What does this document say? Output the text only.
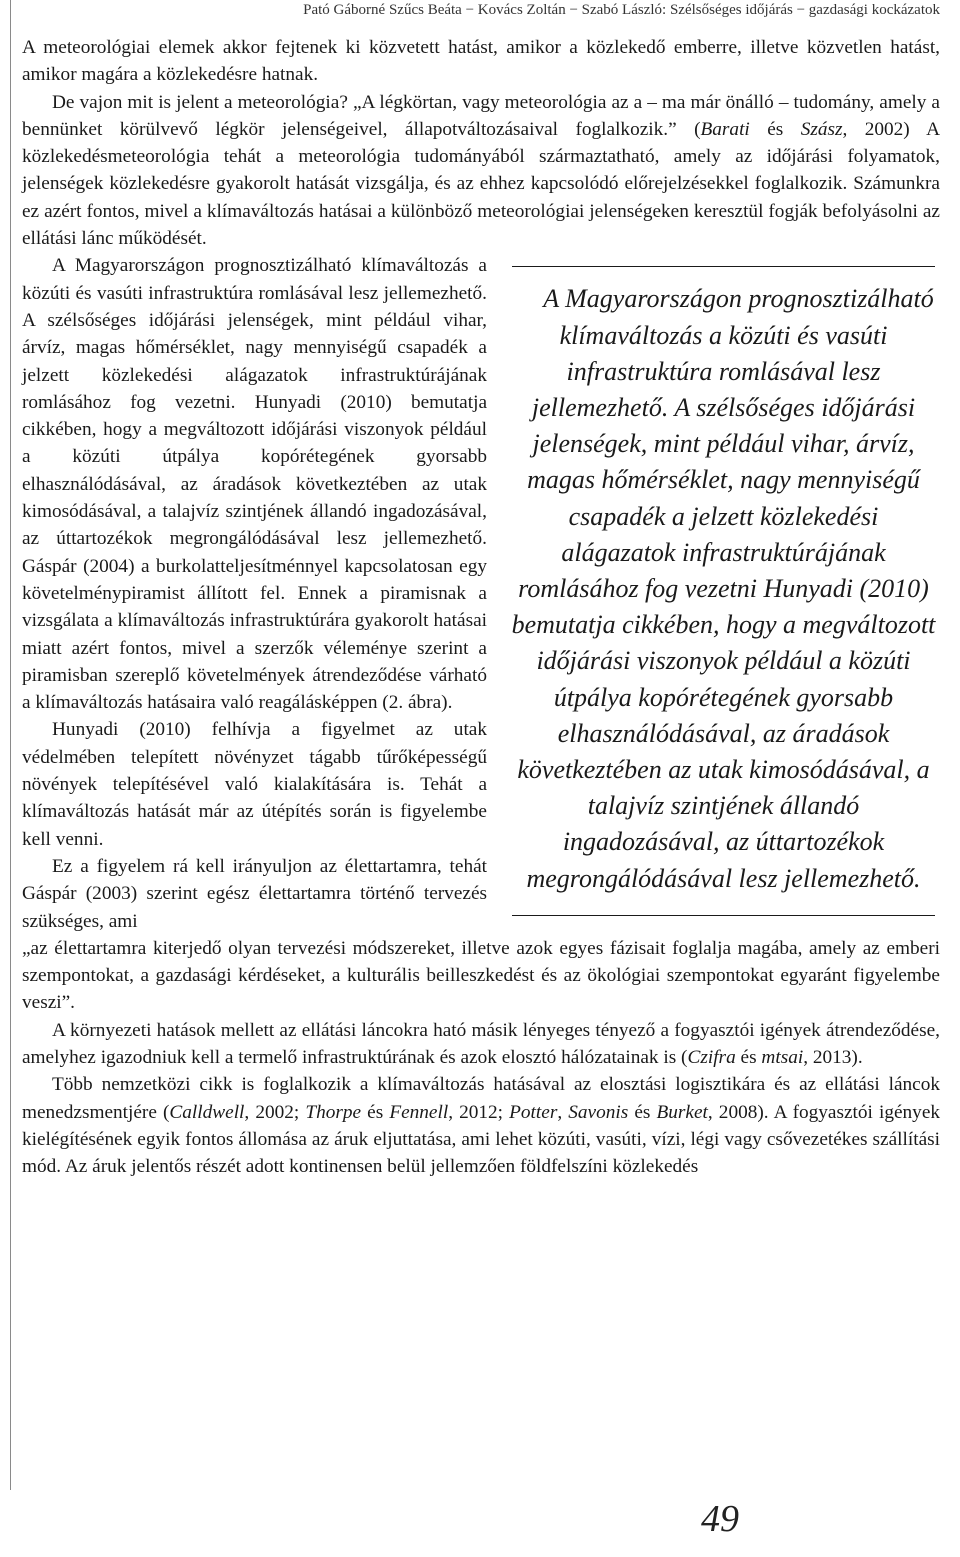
Pató Gáborné Szűcs Beáta − Kovács Zoltán − Szabó László: Szélsőséges időjárás − gazdasági kockázatok

A meteorológiai elemek akkor fejtenek ki közvetett hatást, amikor a közlekedő emberre, illetve közvetlen hatást, amikor magára a közlekedésre hatnak.

De vajon mit is jelent a meteorológia? „A légkörtan, vagy meteorológia az a – ma már önálló – tudomány, amely a bennünket körülvevő légkör jelenségeivel, állapotváltozásaival foglalkozik.” (Barati és Szász, 2002) A közlekedésmeteorológia tehát a meteorológia tudományából származtatható, amely az időjárási folyamatok, jelenségek közlekedésre gyakorolt hatását vizsgálja, és az ehhez kapcsolódó előrejelzésekkel foglalkozik. Számunkra ez azért fontos, mivel a klímaváltozás hatásai a különböző meteorológiai jelenségeken keresztül fogják befolyásolni az ellátási lánc működését.

A Magyarországon prognosztizálható klímaváltozás a közúti és vasúti infrastruktúra romlásával lesz jellemezhető. A szélsőséges időjárási jelenségek, mint például vihar, árvíz, magas hőmérséklet, nagy mennyiségű csapadék a jelzett közlekedési alágazatok infrastruktúrájának romlásához fog vezetni Hunyadi (2010) bemutatja cikkében, hogy a megváltozott időjárási viszonyok például a közúti útpálya kopórétegének gyorsabb elhasználódásával, az áradások következtében az utak kimosódásával, a talajvíz szintjének állandó ingadozásával, az úttartozékok megrongálódásával lesz jellemezhető.
A Magyarországon prognosztizálható klímaváltozás a közúti és vasúti infrastruktúra romlásával lesz jellemezhető. A szélsőséges időjárási jelenségek, mint például vihar, árvíz, magas hőmérséklet, nagy mennyiségű csapadék a jelzett közlekedési alágazatok infrastruktúrájának romlásához fog vezetni. Hunyadi (2010) bemutatja cikkében, hogy a megváltozott időjárási viszonyok például a közúti útpálya kopórétegének gyorsabb elhasználódásával, az áradások következtében az utak kimosódásával, a talajvíz szintjének állandó ingadozásával, az úttartozékok megrongálódásával lesz jellemezhető. Gáspár (2004) a burkolatteljesítménnyel kapcsolatosan egy követelménypiramist állított fel. Ennek a piramisnak a vizsgálata a klímaváltozás infrastruktúrára gyakorolt hatásai miatt azért fontos, mivel a szerzők véleménye szerint a piramisban szereplő követelmények átrendeződése várható a klímaváltozás hatásaira való reagálásképpen (2. ábra).

Hunyadi (2010) felhívja a figyelmet az utak védelmében telepített növényzet tágabb tűrőképességű növények telepítésével való kialakítására is. Tehát a klímaváltozás hatását már az útépítés során is figyelembe kell venni.

Ez a figyelem rá kell irányuljon az élettartamra, tehát Gáspár (2003) szerint egész élettartamra történő tervezés szükséges, ami

„az élettartamra kiterjedő olyan tervezési módszereket, illetve azok egyes fázisait foglalja magába, amely az emberi szempontokat, a gazdasági kérdéseket, a kulturális beilleszkedést és az ökológiai szempontokat egyaránt figyelembe veszi”.

A környezeti hatások mellett az ellátási láncokra ható másik lényeges tényező a fogyasztói igények átrendeződése, amelyhez igazodniuk kell a termelő infrastruktúrának és azok elosztó hálózatainak is (Czifra és mtsai, 2013).

Több nemzetközi cikk is foglalkozik a klímaváltozás hatásával az elosztási logisztikára és az ellátási láncok menedzsmentjére (Calldwell, 2002; Thorpe és Fennell, 2012; Potter, Savonis és Burket, 2008). A fogyasztói igények kielégítésének egyik fontos állomása az áruk eljuttatása, ami lehet közúti, vasúti, vízi, légi vagy csővezetékes szállítási mód. Az áruk jelentős részét adott kontinensen belül jellemzően földfelszíni közlekedés

49
